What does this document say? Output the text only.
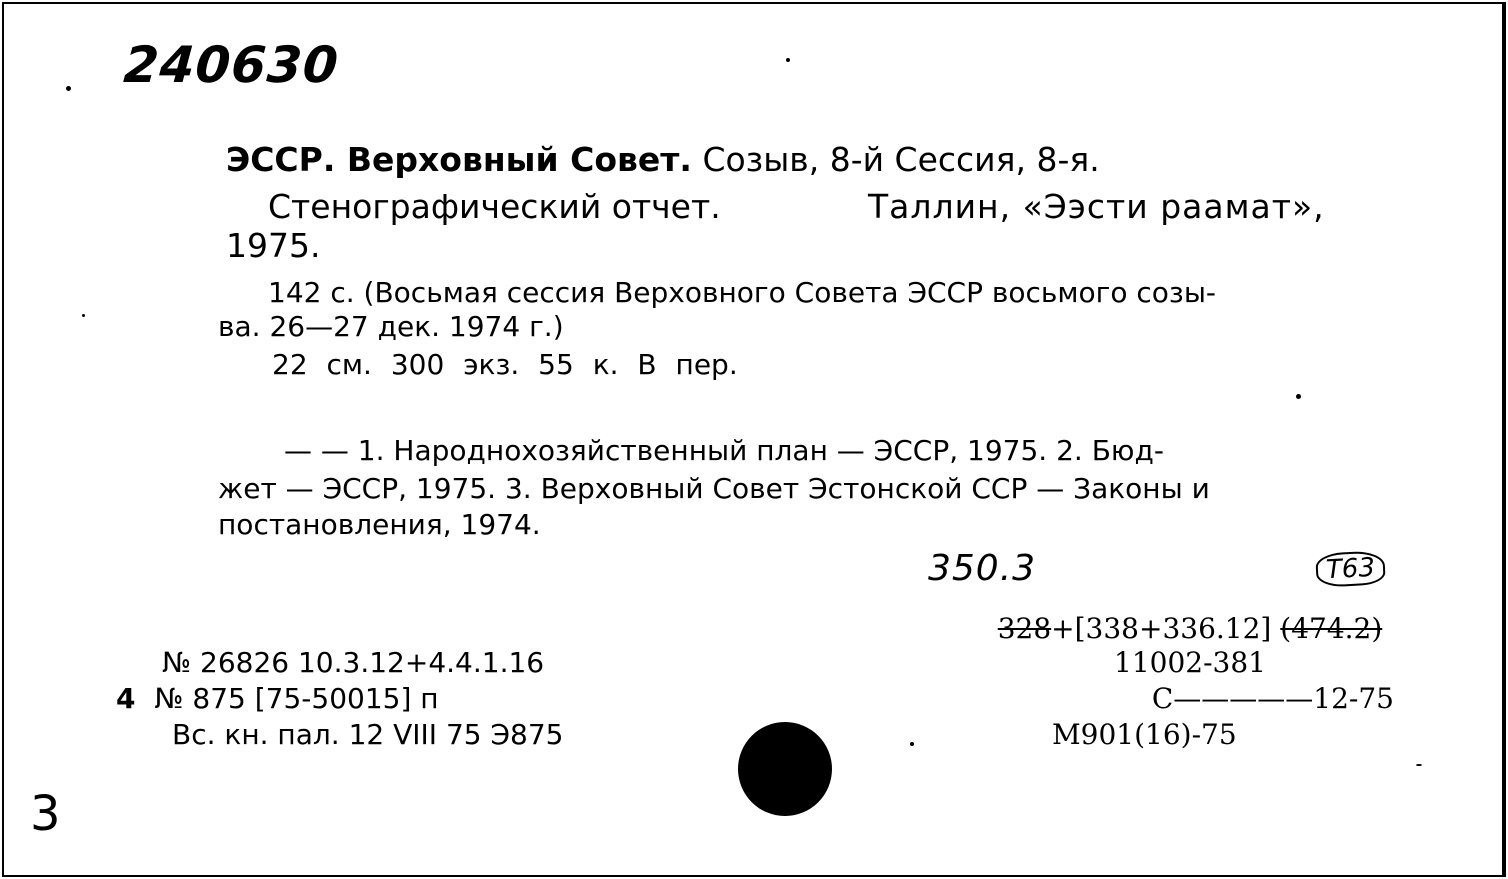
240630
ЭССР. Верховный Совет. Созыв, 8-й Сессия, 8-я.
Стенографический отчет.	Таллин, «Ээсти раамат»,
1975.
142 с. (Восьмая сессия Верховного Совета ЭССР восьмого созы-
ва. 26—27 дек. 1974 г.)
22 см. 300 экз. 55 к. В пер.
— — 1. Народнохозяйственный план — ЭССР, 1975. 2. Бюд-
жет — ЭССР, 1975. 3. Верховный Совет Эстонской ССР — Законы и
постановления, 1974.
350.3	T63
328+[338+336.12] (474.2)
11002-381
С—————12-75
М901(16)-75
№ 26826 10.3.12+4.4.1.16
4 № 875 [75-50015] п
Вс. кн. пал. 12 VIII 75 Э875
3
